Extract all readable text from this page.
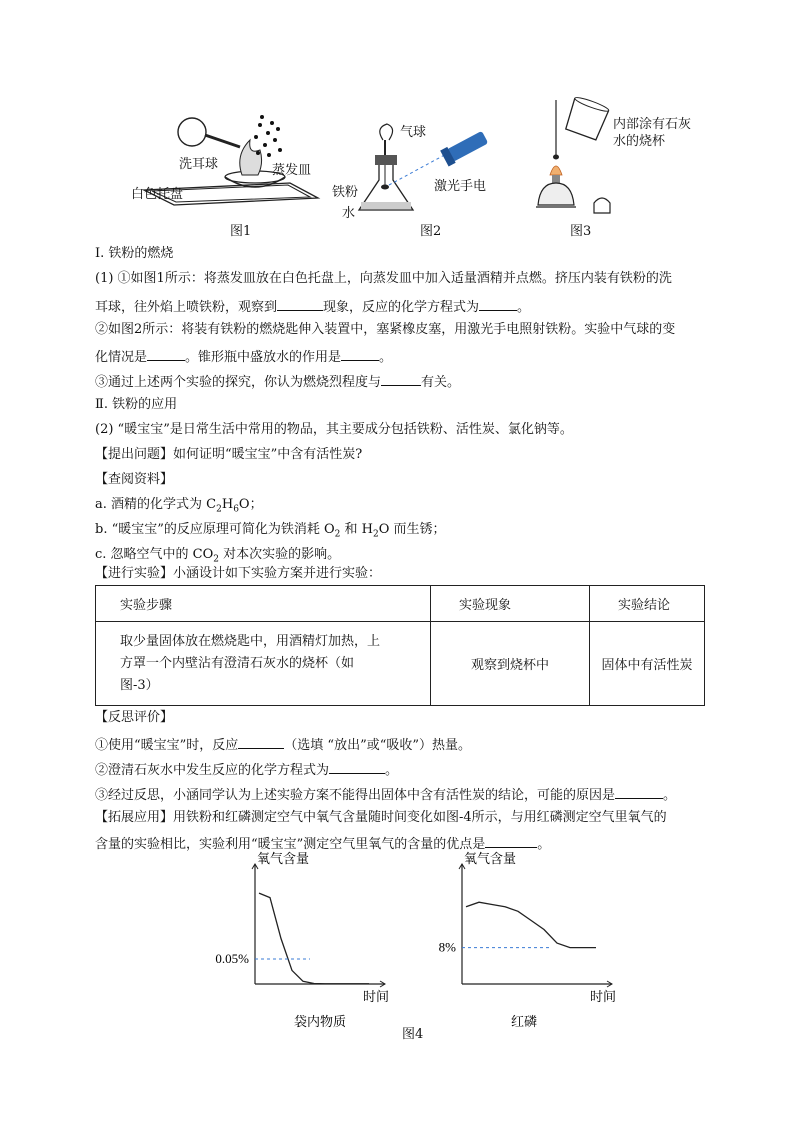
洗耳球	蒸发皿
白色托盘
图1
气球
激光手电
铁粉
水
图2
内部涂有石灰
水的烧杯
图3
Ⅰ. 铁粉的燃烧
(1) ①如图1所示：将蒸发皿放在白色托盘上，向蒸发皿中加入适量酒精并点燃。挤压内装有铁粉的洗
耳球，往外焰上喷铁粉，观察到	现象，反应的化学方程式为	。
②如图2所示：将装有铁粉的燃烧匙伸入装置中，塞紧橡皮塞，用激光手电照射铁粉。实验中气球的变
化情况是	。锥形瓶中盛放水的作用是	。
③通过上述两个实验的探究，你认为燃烧烈程度与	有关。
Ⅱ. 铁粉的应用
(2) “暖宝宝”是日常生活中常用的物品，其主要成分包括铁粉、活性炭、氯化钠等。
【提出问题】如何证明“暖宝宝”中含有活性炭?
【查阅资料】
a. 酒精的化学式为 $C_2H_6O$；
b. “暖宝宝”的反应原理可简化为铁消耗 $O_2$ 和 $H_2O$ 而生锈；
c. 忽略空气中的 $CO_2$ 对本次实验的影响。
【进行实验】小涵设计如下实验方案并进行实验：
实验步骤	实验现象	实验结论

取少量固体放在燃烧匙中，用酒精灯加热，上
方罩一个内壁沾有澄清石灰水的烧杯（如
图-3）	观察到烧杯中	固体中有活性炭
【反思评价】
①使用“暖宝宝”时，反应	（选填 “放出”或“吸收”）热量。
②澄清石灰水中发生反应的化学方程式为	。
③经过反思，小涵同学认为上述实验方案不能得出固体中含有活性炭的结论，可能的原因是	。
【拓展应用】用铁粉和红磷测定空气中氧气含量随时间变化如图-4所示，与用红磷测定空气里氧气的
含量的实验相比，实验利用“暖宝宝”测定空气里氧气的含量的优点是	。
氧气含量
时间
袋内物质
0.05%
氧气含量
时间
红磷
8%
图4
